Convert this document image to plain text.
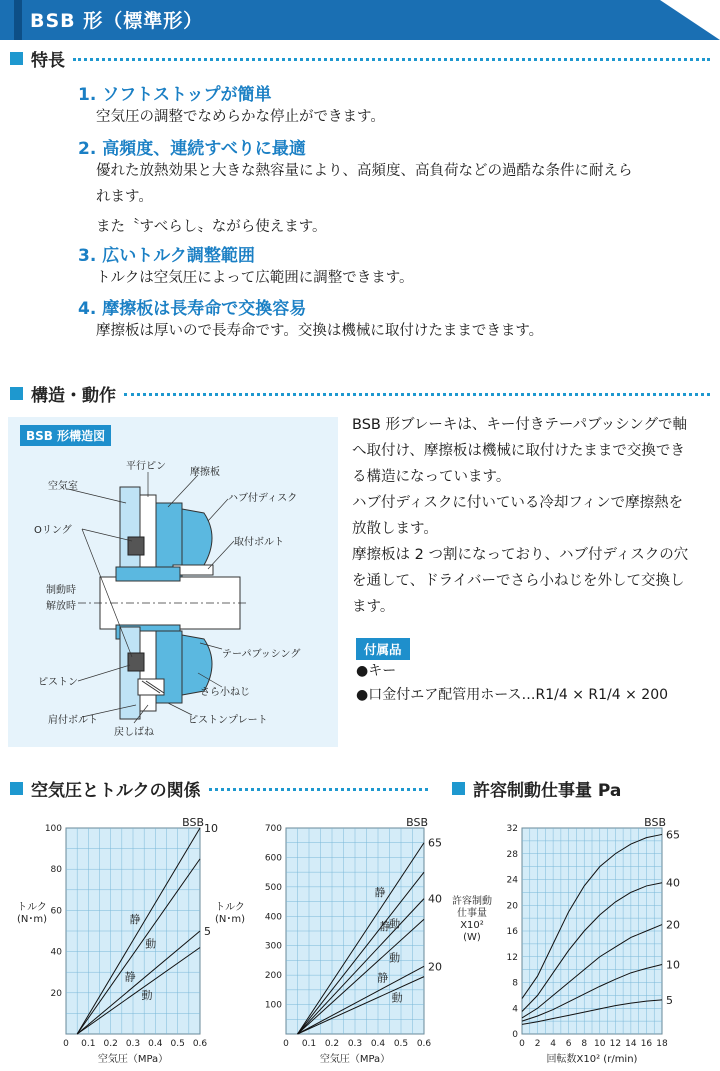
BSB 形（標準形）
特長
1. ソフトストップが簡単
空気圧の調整でなめらかな停止ができます。
2. 高頻度、連続すべりに最適
優れた放熱効果と大きな熱容量により、高頻度、高負荷などの過酷な条件に耐えら
れます。
また〝すべらし〟ながら使えます。
3. 広いトルク調整範囲
トルクは空気圧によって広範囲に調整できます。
4. 摩擦板は長寿命で交換容易
摩擦板は厚いので長寿命です。交換は機械に取付けたままできます。
構造・動作
BSB 形構造図
平行ピン
摩擦板
空気室
ハブ付ディスク
Oリング
取付ボルト
制動時
解放時
テーパブッシング
ピストン
さら小ねじ
肩付ボルト	ピストンプレート
戻しばね

BSB 形ブレーキは、キー付きテーパブッシングで軸

へ取付け、摩擦板は機械に取付けたままで交換でき

る構造になっています。

ハブ付ディスクに付いている冷却フィンで摩擦熱を

放散します。

摩擦板は 2 つ割になっており、ハブ付ディスクの穴

を通して、ドライバーでさら小ねじを外して交換し

ます。

付属品
●キー
●口金付エア配管用ホース…R1/4 × R1/4 × 200
空気圧とトルクの関係	許容制動仕事量 Pa
0 0.1 0.2 0.3 0.4 0.5 0.6
20
40
60
80
100
空気圧（MPa）
トルク(N･m)
BSB
静
動
静
動
10
5
0 0.1 0.2 0.3 0.4 0.5 0.6
100
200
300
400
500
600
700
空気圧（MPa）
トルク(N･m)
BSB
静
動
静
動
静
動
65
40
20
0 2 4 6 8 10 12 14 16 18
4
8
12
16
20
24
28
32
0
回転数X10² (r/min)
許容制動仕事量 X10² (W)
BSB
65
40
20
10
5
